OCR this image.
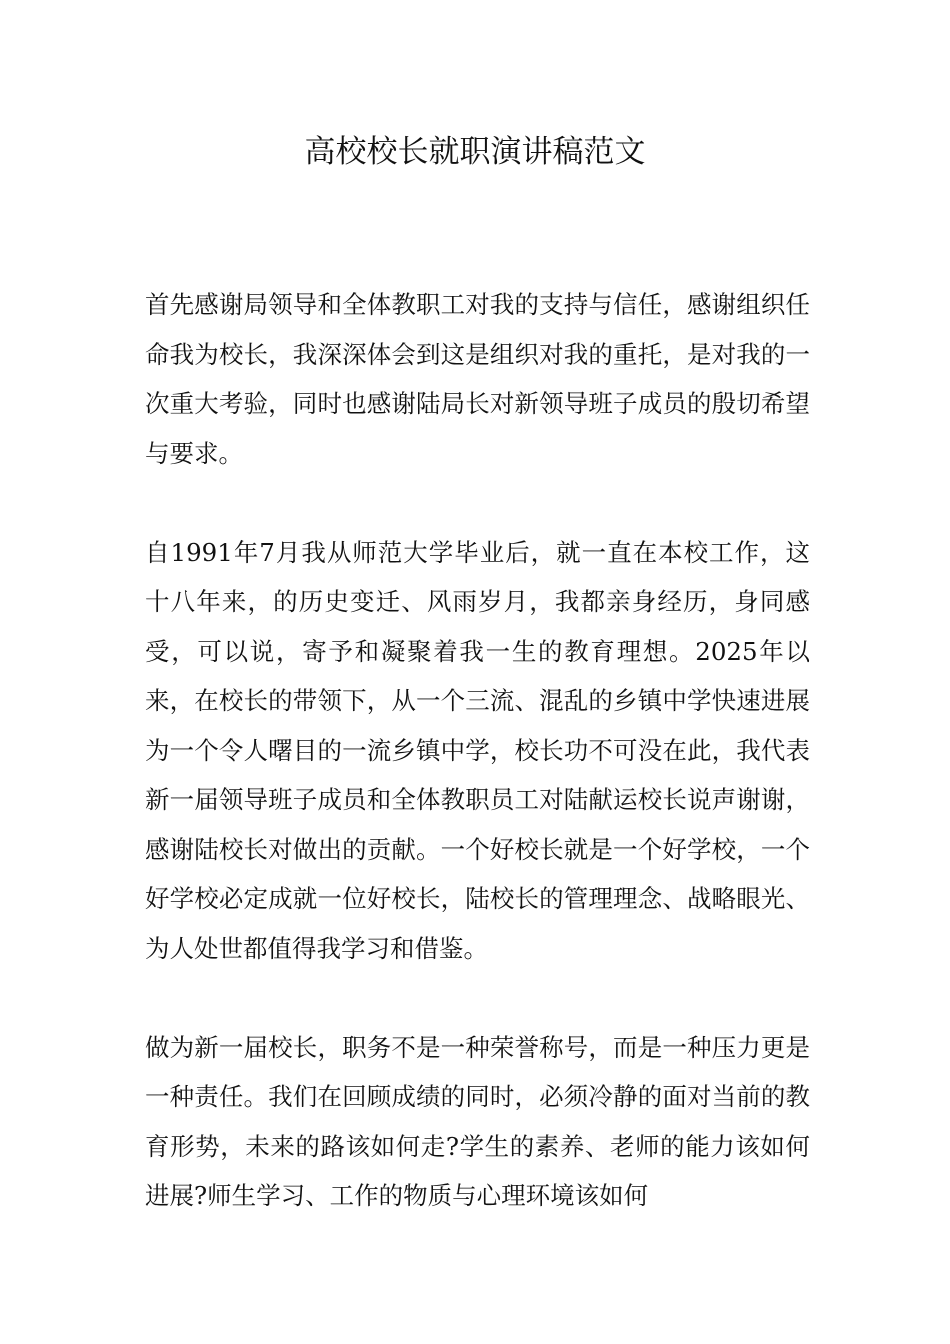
高校校长就职演讲稿范文

首先感谢局领导和全体教职工对我的支持与信任，感谢组织任命我为校长，我深深体会到这是组织对我的重托，是对我的一次重大考验，同时也感谢陆局长对新领导班子成员的殷切希望与要求。

自1991年7月我从师范大学毕业后，就一直在本校工作，这十八年来，的历史变迁、风雨岁月，我都亲身经历，身同感受，可以说，寄予和凝聚着我一生的教育理想。2025年以来，在校长的带领下，从一个三流、混乱的乡镇中学快速进展为一个令人曙目的一流乡镇中学，校长功不可没在此，我代表新一届领导班子成员和全体教职员工对陆献运校长说声谢谢，感谢陆校长对做出的贡献。一个好校长就是一个好学校，一个好学校必定成就一位好校长，陆校长的管理理念、战略眼光、为人处世都值得我学习和借鉴。

做为新一届校长，职务不是一种荣誉称号，而是一种压力更是一种责任。我们在回顾成绩的同时，必须冷静的面对当前的教育形势，未来的路该如何走?学生的素养、老师的能力该如何进展?师生学习、工作的物质与心理环境该如何
